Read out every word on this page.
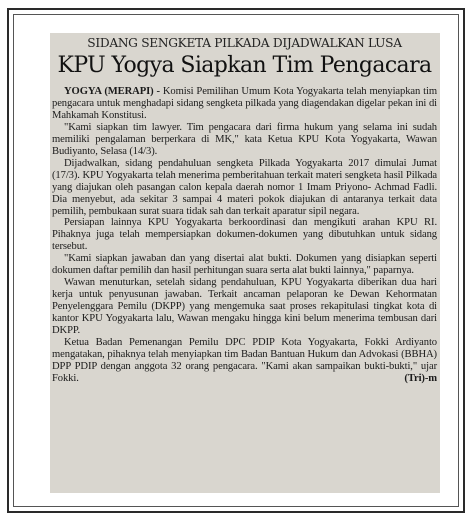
SIDANG SENGKETA PILKADA DIJADWALKAN LUSA
KPU Yogya Siapkan Tim Pengacara

YOGYA (MERAPI) - Komisi Pemilihan Umum Kota Yogyakarta telah menyiapkan tim pengacara untuk menghadapi sidang sengketa pilkada yang diagendakan digelar pekan ini di Mahkamah Konstitusi.

"Kami siapkan tim lawyer. Tim pengacara dari firma hukum yang selama ini sudah memiliki pengalaman berperkara di MK," kata Ketua KPU Kota Yogyakarta, Wawan Budiyanto, Selasa (14/3).

Dijadwalkan, sidang pendahuluan sengketa Pilkada Yogyakarta 2017 dimulai Jumat (17/3). KPU Yogyakarta telah menerima pemberitahuan terkait materi sengketa hasil Pilkada yang diajukan oleh pasangan calon kepala daerah nomor 1 Imam Priyono- Achmad Fadli. Dia menyebut, ada sekitar 3 sampai 4 materi pokok diajukan di antaranya terkait data pemilih, pembukaan surat suara tidak sah dan terkait aparatur sipil negara.

Persiapan lainnya KPU Yogyakarta berkoordinasi dan mengikuti arahan KPU RI. Pihaknya juga telah mempersiapkan dokumen-dokumen yang dibutuhkan untuk sidang tersebut.

"Kami siapkan jawaban dan yang disertai alat bukti. Dokumen yang disiapkan seperti dokumen daftar pemilih dan hasil perhitungan suara serta alat bukti lainnya," paparnya.

Wawan menuturkan, setelah sidang pendahuluan, KPU Yogyakarta diberikan dua hari kerja untuk penyusunan jawaban. Terkait ancaman pelaporan ke Dewan Kehormatan Penyelenggara Pemilu (DKPP) yang mengemuka saat proses rekapitulasi tingkat kota di kantor KPU Yogyakarta lalu, Wawan mengaku hingga kini belum menerima tembusan dari DKPP.

Ketua Badan Pemenangan Pemilu DPC PDIP Kota Yogyakarta, Fokki Ardiyanto mengatakan, pihaknya telah menyiapkan tim Badan Bantuan Hukum dan Advokasi (BBHA) DPP PDIP dengan anggota 32 orang pengacara. "Kami akan sampaikan bukti-bukti," ujar Fokki.	(Tri)-m
